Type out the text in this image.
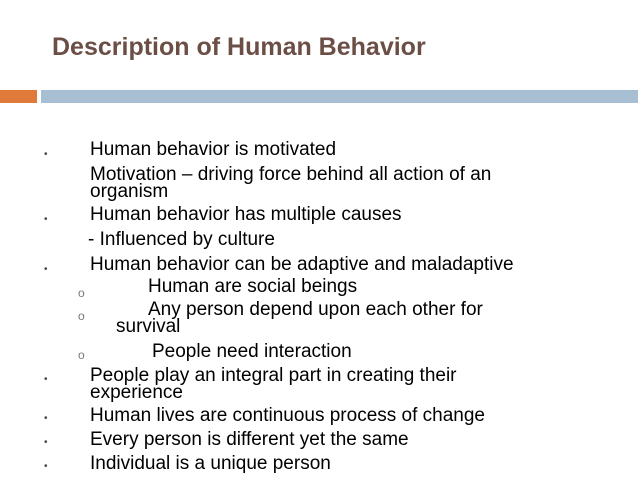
Description of Human Behavior
•
•
•
o
o
o
•
•
•
•
Human behavior is motivated
Motivation – driving force behind all action of an
organism
Human behavior has multiple causes
- Influenced by culture
Human behavior can be adaptive and maladaptive
Human are social beings
Any person depend upon each other for
survival
People need interaction
People play an integral part in creating their
experience
Human lives are continuous process of change
Every person is different yet the same
Individual is a unique person
